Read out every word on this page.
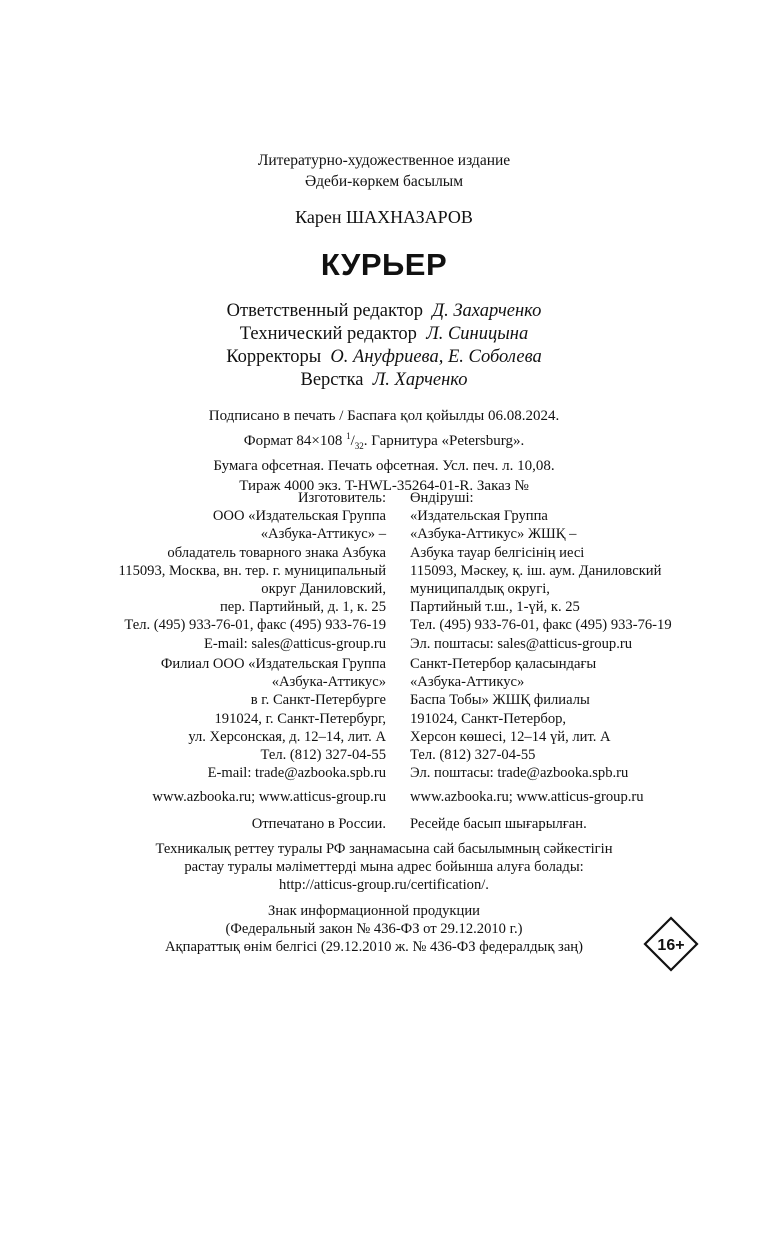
Литературно-художественное издание
Әдеби-көркем басылым
Карен ШАХНАЗАРОВ
КУРЬЕР
Ответственный редактор Д. Захарченко
Технический редактор Л. Синицына
Корректоры О. Ануфриева, Е. Соболева
Верстка Л. Харченко
Подписано в печать / Баспаға қол қойылды 06.08.2024.
Формат 84×108 $^1/_{32}$. Гарнитура «Petersburg».
Бумага офсетная. Печать офсетная. Усл. печ. л. 10,08.
Тираж 4000 экз. T-HWL-35264-01-R. Заказ №
Изготовитель:
ООО «Издательская Группа
«Азбука-Аттикус» –
обладатель товарного знака Азбука
115093, Москва, вн. тер. г. муниципальный
округ Даниловский,
пер. Партийный, д. 1, к. 25
Тел. (495) 933-76-01, факс (495) 933-76-19
E-mail: sales@atticus-group.ru
Өндіруші:
«Издательская Группа
«Азбука-Аттикус» ЖШҚ –
Азбука тауар белгісінің иесі
115093, Мәскеу, қ. іш. аум. Даниловский
муниципалдық округі,
Партийный т.ш., 1-үй, к. 25
Тел. (495) 933-76-01, факс (495) 933-76-19
Эл. поштасы: sales@atticus-group.ru
Филиал ООО «Издательская Группа
«Азбука-Аттикус»
в г. Санкт-Петербурге
191024, г. Санкт-Петербург,
ул. Херсонская, д. 12–14, лит. А
Тел. (812) 327-04-55
E-mail: trade@azbooka.spb.ru
Санкт-Петербор қаласындағы
«Азбука-Аттикус»
Баспа Тобы» ЖШҚ филиалы
191024, Санкт-Петербор,
Херсон көшесі, 12–14 үй, лит. А
Тел. (812) 327-04-55
Эл. поштасы: trade@azbooka.spb.ru
www.azbooka.ru; www.atticus-group.ru www.azbooka.ru; www.atticus-group.ru
Отпечатано в России. Ресейде басып шығарылған.
Техникалық реттеу туралы РФ заңнамасына сай басылымның сәйкестігін
растау туралы мәліметтерді мына адрес бойынша алуға болады:
http://atticus-group.ru/certification/.
Знак информационной продукции
(Федеральный закон № 436-ФЗ от 29.12.2010 г.)
Ақпараттық өнім белгісі (29.12.2010 ж. № 436-ФЗ федералдық заң)	16+
